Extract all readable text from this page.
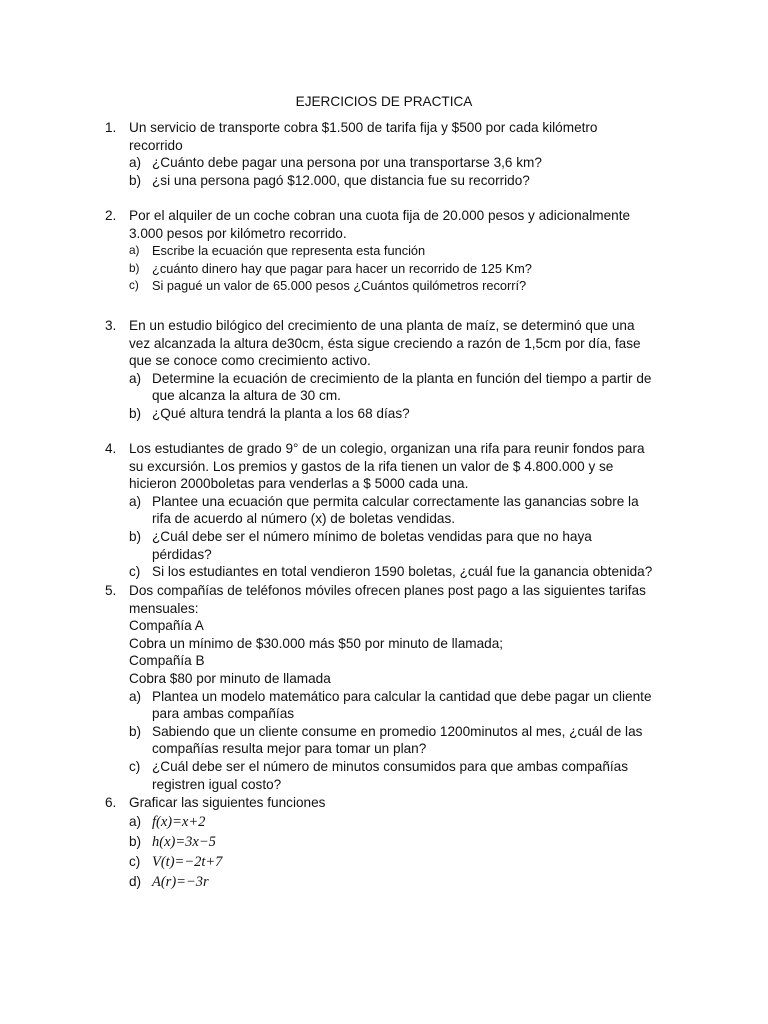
EJERCICIOS DE PRACTICA
1. Un servicio de transporte cobra $1.500 de tarifa fija y $500 por cada kilómetro
recorrido
a) ¿Cuánto debe pagar una persona por una transportarse 3,6 km?
b) ¿si una persona pagó $12.000, que distancia fue su recorrido?
2. Por el alquiler de un coche cobran una cuota fija de 20.000 pesos y adicionalmente
3.000 pesos por kilómetro recorrido.
a) Escribe la ecuación que representa esta función
b) ¿cuánto dinero hay que pagar para hacer un recorrido de 125 Km?
c) Si pagué un valor de 65.000 pesos ¿Cuántos quilómetros recorrí?
3. En un estudio bilógico del crecimiento de una planta de maíz, se determinó que una
vez alcanzada la altura de30cm, ésta sigue creciendo a razón de 1,5cm por día, fase
que se conoce como crecimiento activo.
a) Determine la ecuación de crecimiento de la planta en función del tiempo a partir de
que alcanza la altura de 30 cm.
b) ¿Qué altura tendrá la planta a los 68 días?
4. Los estudiantes de grado 9° de un colegio, organizan una rifa para reunir fondos para
su excursión. Los premios y gastos de la rifa tienen un valor de $ 4.800.000 y se
hicieron 2000boletas para venderlas a $ 5000 cada una.
a) Plantee una ecuación que permita calcular correctamente las ganancias sobre la
rifa de acuerdo al número (x) de boletas vendidas.
b) ¿Cuál debe ser el número mínimo de boletas vendidas para que no haya
pérdidas?
c) Si los estudiantes en total vendieron 1590 boletas, ¿cuál fue la ganancia obtenida?
5. Dos compañías de teléfonos móviles ofrecen planes post pago a las siguientes tarifas
mensuales:
Compañía A
Cobra un mínimo de $30.000 más $50 por minuto de llamada;
Compañía B
Cobra $80 por minuto de llamada
a) Plantea un modelo matemático para calcular la cantidad que debe pagar un cliente
para ambas compañías
b) Sabiendo que un cliente consume en promedio 1200minutos al mes, ¿cuál de las
compañías resulta mejor para tomar un plan?
c) ¿Cuál debe ser el número de minutos consumidos para que ambas compañías
registren igual costo?
6. Graficar las siguientes funciones
a) f(x)=x+2
b) h(x)=3x−5
c) V(t)=−2t+7
d) A(r)=−3r
